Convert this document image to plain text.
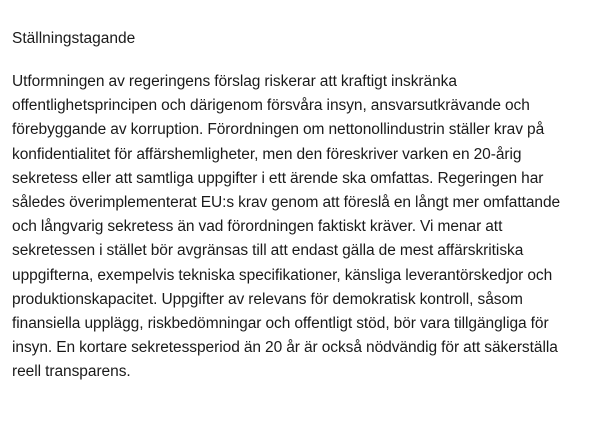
Ställningstagande

Utformningen av regeringens förslag riskerar att kraftigt inskränka offentlighetsprincipen och därigenom försvåra insyn, ansvarsutkrävande och förebyggande av korruption. Förordningen om nettonollindustrin ställer krav på konfidentialitet för affärshemligheter, men den föreskriver varken en 20-årig sekretess eller att samtliga uppgifter i ett ärende ska omfattas. Regeringen har således överimplementerat EU:s krav genom att föreslå en långt mer omfattande och långvarig sekretess än vad förordningen faktiskt kräver. Vi menar att sekretessen i stället bör avgränsas till att endast gälla de mest affärskritiska uppgifterna, exempelvis tekniska specifikationer, känsliga leverantörskedjor och produktionskapacitet. Uppgifter av relevans för demokratisk kontroll, såsom finansiella upplägg, riskbedömningar och offentligt stöd, bör vara tillgängliga för insyn. En kortare sekretessperiod än 20 år är också nödvändig för att säkerställa reell transparens.
